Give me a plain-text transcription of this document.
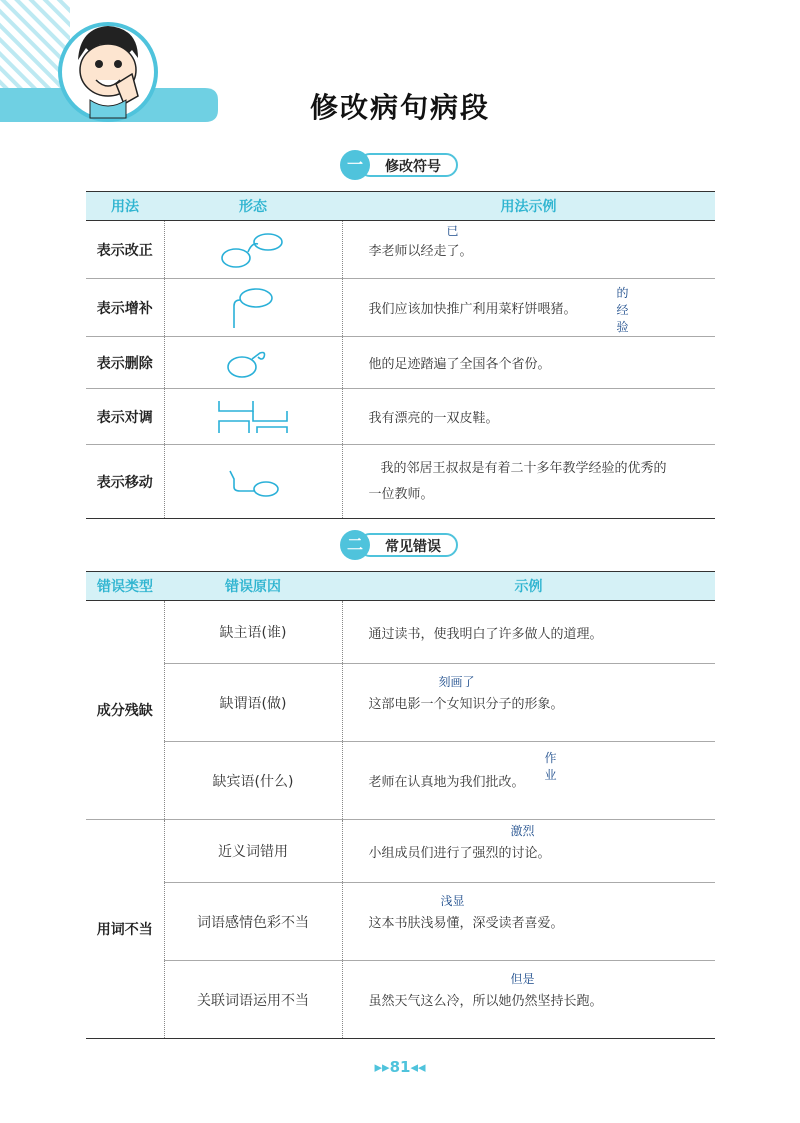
修改病句病段
一	修改符号
用法	形态	用法示例
表示改正		已
李老师以经走了。
表示增补		的经验
我们应该加快推广利用菜籽饼喂猪。
表示删除		他的足迹踏遍了全国各个省份。
表示对调		我有漂亮的一双皮鞋。
表示移动		我的邻居王叔叔是有着二十多年教学经验的优秀的
一位教师。
二	常见错误
错误类型	错误原因	示例
成分残缺	缺主语(谁)	通过读书，使我明白了许多做人的道理。
	缺谓语(做)	刻画了
这部电影一个女知识分子的形象。
	缺宾语(什么)	作业
老师在认真地为我们批改。
用词不当	近义词错用	激烈
小组成员们进行了强烈的讨论。
	词语感情色彩不当	浅显
这本书肤浅易懂，深受读者喜爱。
	关联词语运用不当	但是
虽然天气这么冷，所以她仍然坚持长跑。
▸▸81◂◂
